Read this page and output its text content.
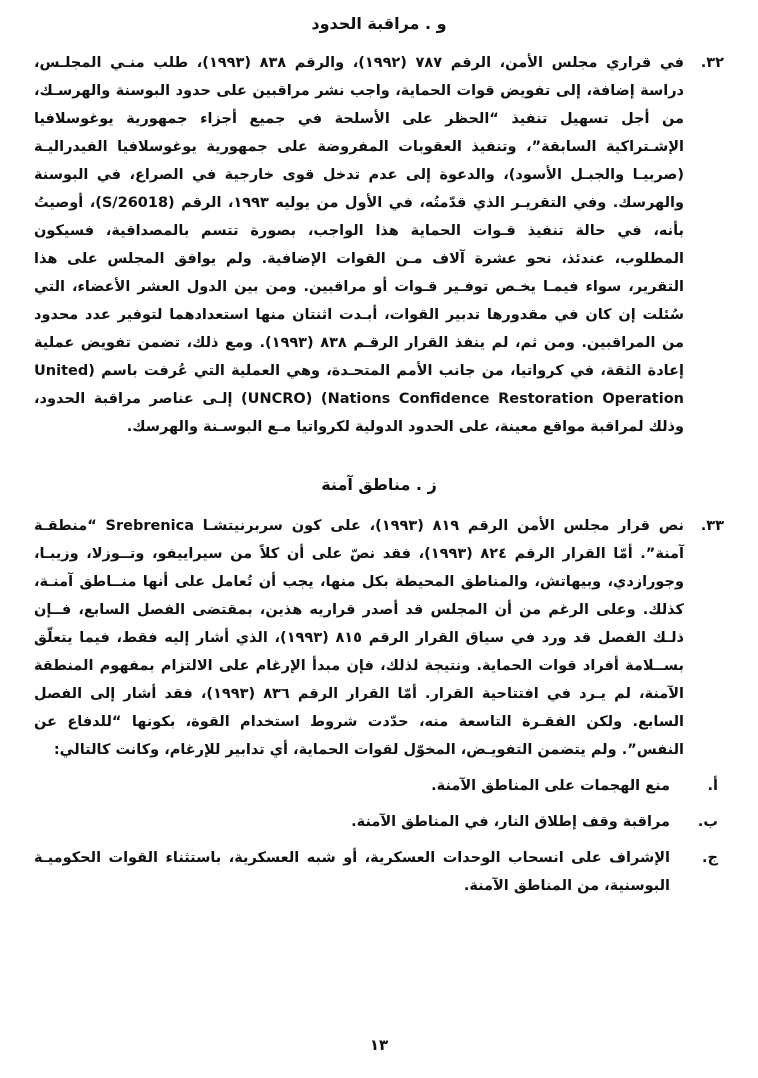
و . مراقبة الحدود
٣٢.
في قراري مجلس الأمن، الرقم ٧٨٧ (١٩٩٢)، والرقم ٨٣٨ (١٩٩٣)، طلب منـي المجلـس، دراسة إضافة، إلى تفويض قوات الحماية، واجب نشر مراقبين على حدود البوسنة والهرسـك، من أجل تسهيل تنفيذ “الحظر على الأسلحة في جميع أجزاء جمهورية يوغوسلافيا الإشـتراكية السابقة”، وتنفيذ العقوبات المفروضة على جمهورية يوغوسلافيا الفيدراليـة (صربيـا والجبـل الأسود)، والدعوة إلى عدم تدخل قوى خارجية في الصراع، في البوسنة والهرسك. وفي التقريـر الذي قدّمتُه، في الأول من يوليه ١٩٩٣، الرقم (S/26018)، أوصيتُ بأنه، في حالة تنفيذ قـوات الحماية هذا الواجب، بصورة تتسم بالمصداقية، فسيكون المطلوب، عندئذ، نحو عشرة آلاف مـن القوات الإضافية. ولم يوافق المجلس على هذا التقرير، سواء فيمـا يخـص توفـير قـوات أو مراقبين. ومن بين الدول العشر الأعضاء، التي سُئلت إن كان في مقدورها تدبير القوات، أبـدت اثنتان منها استعدادهما لتوفير عدد محدود من المراقبين. ومن ثم، لم ينفذ القرار الرقـم ٨٣٨ (١٩٩٣). ومع ذلك، تضمن تفويض عملية إعادة الثقة، في كرواتيا، من جانب الأمم المتحـدة، وهي العملية التي عُرفت باسم (United Nations Confidence Restoration Operation) (UNCRO) إلـى عناصر مراقبة الحدود، وذلك لمراقبة مواقع معينة، على الحدود الدولية لكرواتيا مـع البوسـنة والهرسك.
ز . مناطق آمنة
٣٣.
نص قرار مجلس الأمن الرقم ٨١٩ (١٩٩٣)، على كون سربرنيتشـا Srebrenica “منطقـة آمنة”. أمّا القرار الرقم ٨٢٤ (١٩٩٣)، فقد نصّ على أن كلاً من سيراييفو، وتــوزلا، وزيبـا، وجورازدي، وبيهاتش، والمناطق المحيطة بكل منها، يجب أن تُعامل على أنها منــاطق آمنـة، كذلك. وعلى الرغم من أن المجلس قد أصدر قراريه هذين، بمقتضى الفصل السابع، فــإن ذلـك الفصل قد ورد في سياق القرار الرقم ٨١٥ (١٩٩٣)، الذي أشار إليه فقط، فيما يتعلّق بســلامة أفراد قوات الحماية. ونتيجة لذلك، فإن مبدأ الإرغام على الالتزام بمفهوم المنطقة الآمنة، لم يـرد في افتتاحية القرار. أمّا القرار الرقم ٨٣٦ (١٩٩٣)، فقد أشار إلى الفصل السابع. ولكن الفقـرة التاسعة منه، حدّدت شروط استخدام القوة، بكونها “للدفاع عن النفس”. ولم يتضمن التفويـض، المخوّل لقوات الحماية، أي تدابير للإرغام، وكانت كالتالي:
أ.
منع الهجمات على المناطق الآمنة.
ب.
مراقبة وقف إطلاق النار، في المناطق الآمنة.
ج.
الإشراف على انسحاب الوحدات العسكرية، أو شبه العسكرية، باستثناء القوات الحكوميـة البوسنية، من المناطق الآمنة.
١٣
